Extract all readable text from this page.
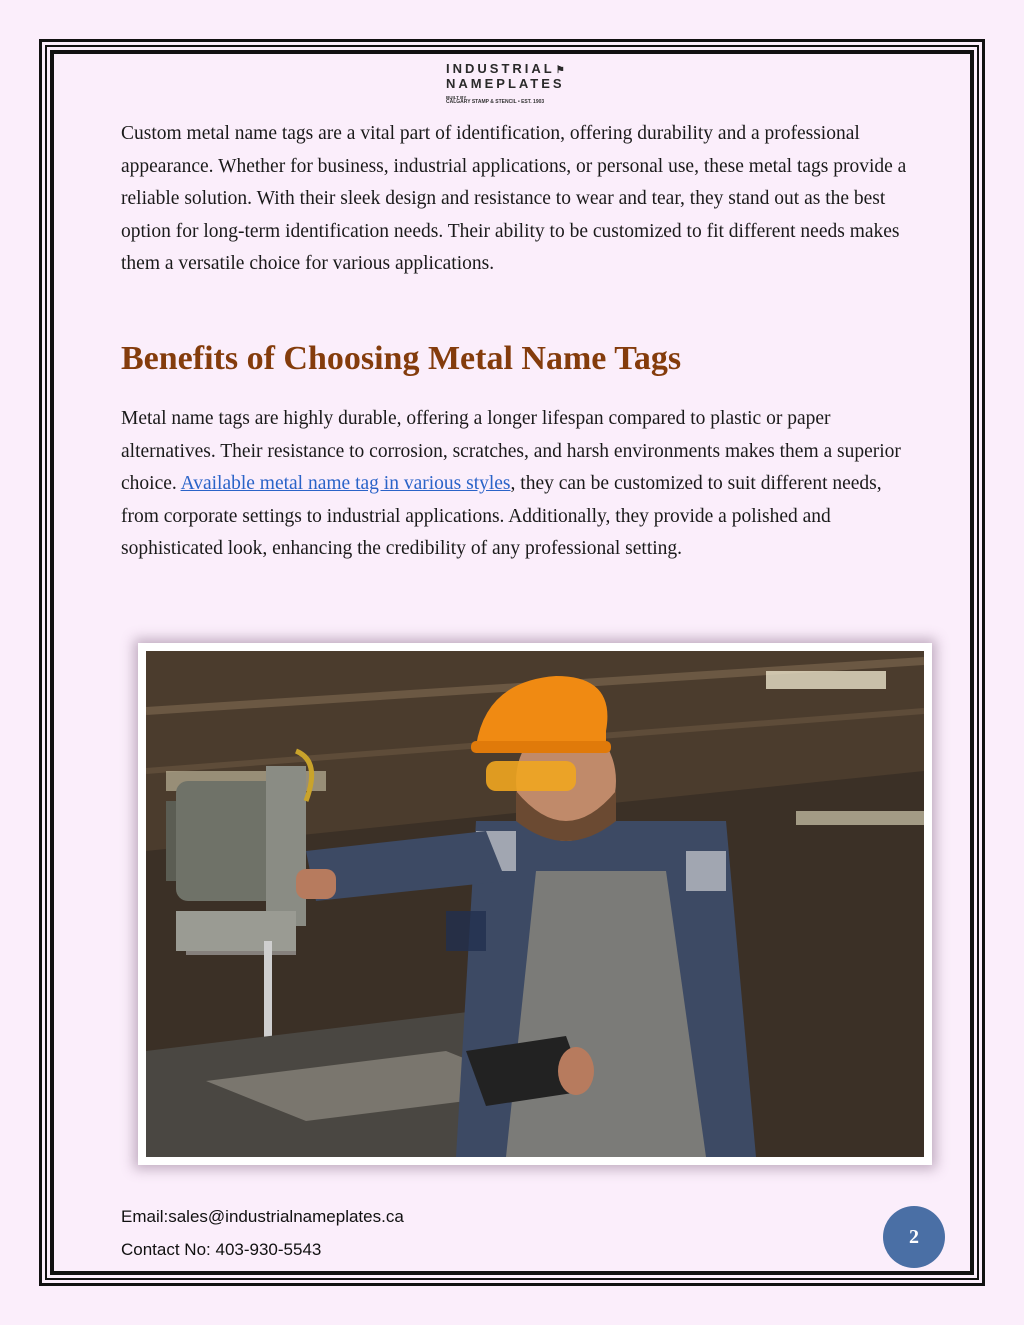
INDUSTRIAL⚑
NAMEPLATES
BUILT BY
CALGARY STAMP & STENCIL • EST. 1903
Custom metal name tags are a vital part of identification, offering durability and a professional appearance. Whether for business, industrial applications, or personal use, these metal tags provide a reliable solution. With their sleek design and resistance to wear and tear, they stand out as the best option for long-term identification needs. Their ability to be customized to fit different needs makes them a versatile choice for various applications.
Benefits of Choosing Metal Name Tags
Metal name tags are highly durable, offering a longer lifespan compared to plastic or paper alternatives. Their resistance to corrosion, scratches, and harsh environments makes them a superior choice. Available metal name tag in various styles, they can be customized to suit different needs, from corporate settings to industrial applications. Additionally, they provide a polished and sophisticated look, enhancing the credibility of any professional setting.
Email:sales@industrialnameplates.ca
Contact No: 403-930-5543
2
